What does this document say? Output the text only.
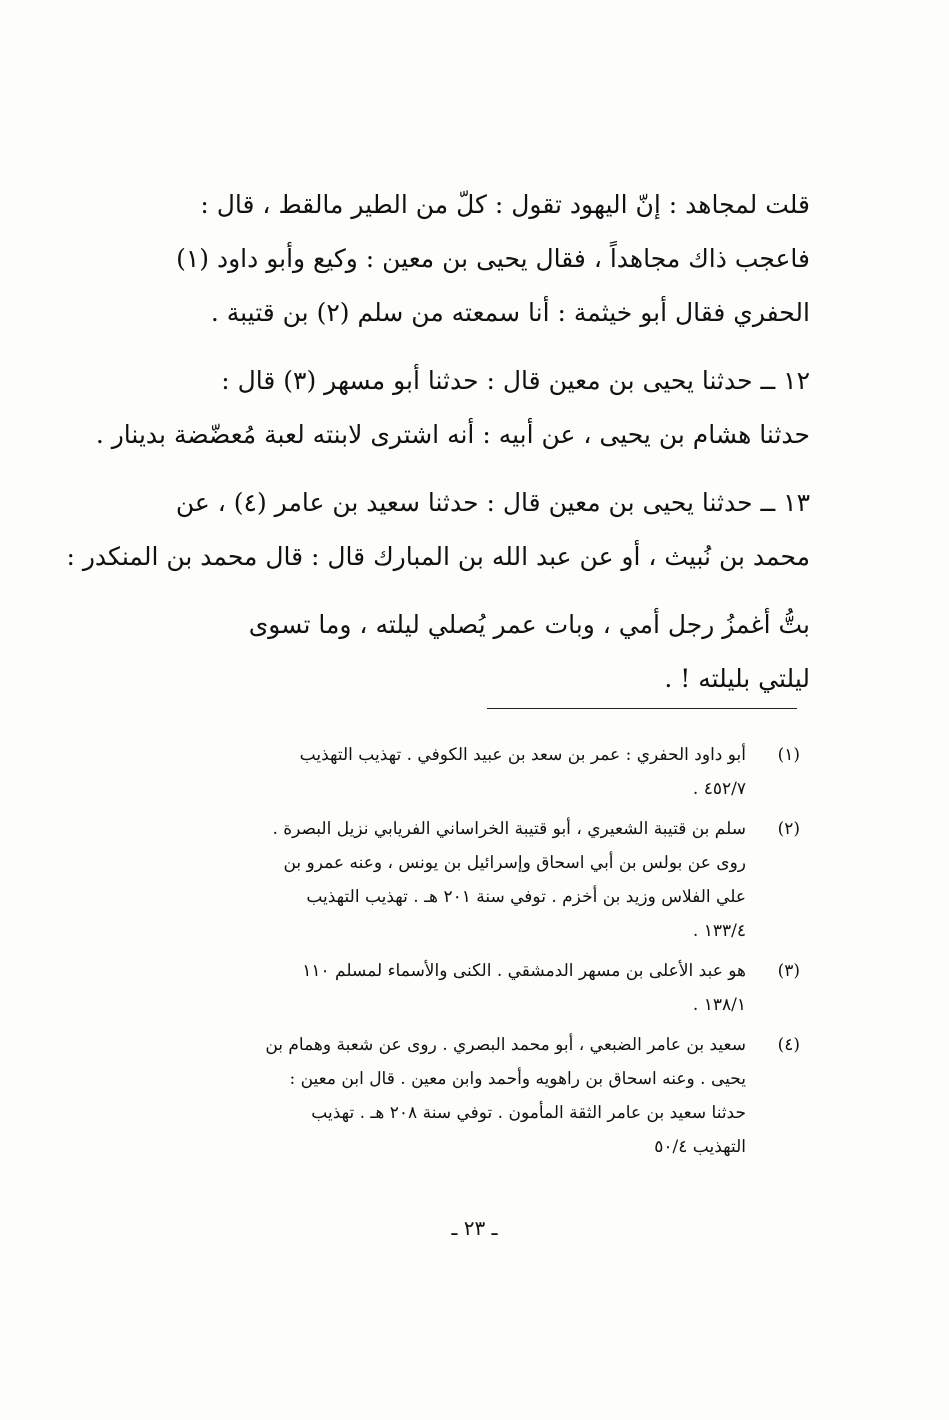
قلت لمجاهد : إنّ اليهود تقول : كلّ من الطير مالقط ، قال :
فاعجب ذاك مجاهداً ، فقال يحيى بن معين : وكيع وأبو داود (١)
الحفري فقال أبو خيثمة : أنا سمعته من سلم (٢) بن قتيبة .
١٢ ــ حدثنا يحيى بن معين قال : حدثنا أبو مسهر (٣) قال :
حدثنا هشام بن يحيى ، عن أبيه : أنه اشترى لابنته لعبة مُعضّضة بدينار .
١٣ ــ حدثنا يحيى بن معين قال : حدثنا سعيد بن عامر (٤) ، عن
محمد بن نُبيث ، أو عن عبد الله بن المبارك قال : قال محمد بن المنكدر :
بتُّ أغمزُ رجل أمي ، وبات عمر يُصلي ليلته ، وما تسوى
ليلتي بليلته ! .
(١)
أبو داود الحفري : عمر بن سعد بن عبيد الكوفي . تهذيب التهذيب
٤٥٢/٧ .
(٢)
سلم بن قتيبة الشعيري ، أبو قتيبة الخراساني الفريابي نزيل البصرة .
روى عن بولس بن أبي اسحاق وإسرائيل بن يونس ، وعنه عمرو بن
علي الفلاس وزيد بن أخزم . توفي سنة ٢٠١ هـ . تهذيب التهذيب
١٣٣/٤ .
(٣)
هو عبد الأعلى بن مسهر الدمشقي . الكنى والأسماء لمسلم ١١٠
١٣٨/١ .
(٤)
سعيد بن عامر الضبعي ، أبو محمد البصري . روى عن شعبة وهمام بن
يحيى . وعنه اسحاق بن راهويه وأحمد وابن معين . قال ابن معين :
حدثنا سعيد بن عامر الثقة المأمون . توفي سنة ٢٠٨ هـ . تهذيب
التهذيب ٥٠/٤
ـ ٢٣ ـ
